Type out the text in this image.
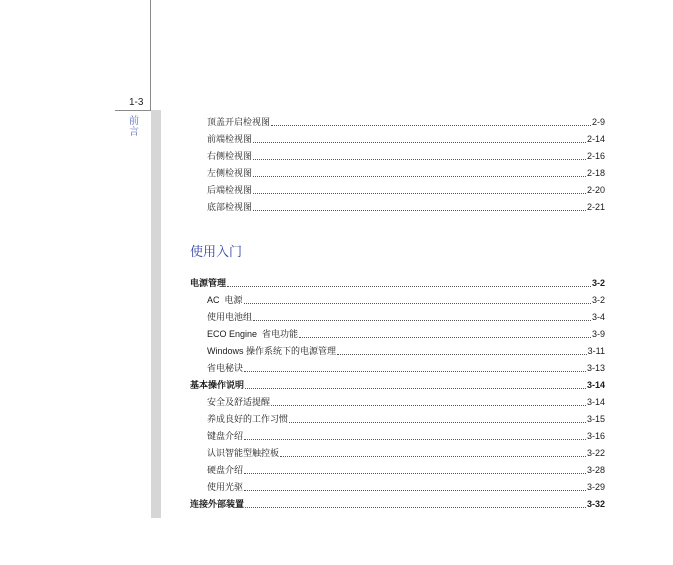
1-3
前言
顶盖开启检视图	2-9
前端检视图	2-14
右侧检视图	2-16
左侧检视图	2-18
后端检视图	2-20
底部检视图	2-21
使用入门
电源管理	3-2
AC  电源	3-2
使用电池组	3-4
ECO Engine  省电功能	3-9
Windows 操作系统下的电源管理	3-11
省电秘诀	3-13
基本操作说明	3-14
安全及舒适提醒	3-14
养成良好的工作习惯	3-15
键盘介绍	3-16
认识智能型触控板	3-22
硬盘介绍	3-28
使用光驱	3-29
连接外部装置	3-32
